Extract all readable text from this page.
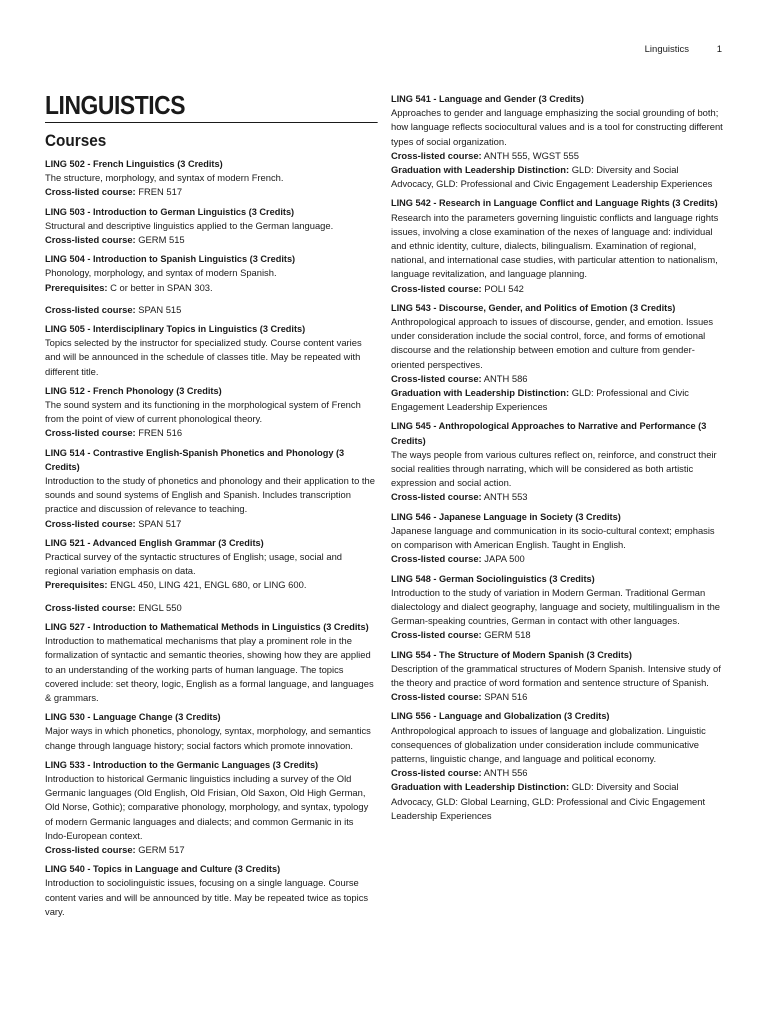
Linguistics	1
LINGUISTICS
Courses
LING 502 - French Linguistics (3 Credits)
The structure, morphology, and syntax of modern French.
Cross-listed course: FREN 517
LING 503 - Introduction to German Linguistics (3 Credits)
Structural and descriptive linguistics applied to the German language.
Cross-listed course: GERM 515
LING 504 - Introduction to Spanish Linguistics (3 Credits)
Phonology, morphology, and syntax of modern Spanish.
Prerequisites: C or better in SPAN 303.
Cross-listed course: SPAN 515
LING 505 - Interdisciplinary Topics in Linguistics (3 Credits)
Topics selected by the instructor for specialized study. Course content varies and will be announced in the schedule of classes title. May be repeated with different title.
LING 512 - French Phonology (3 Credits)
The sound system and its functioning in the morphological system of French from the point of view of current phonological theory.
Cross-listed course: FREN 516
LING 514 - Contrastive English-Spanish Phonetics and Phonology (3 Credits)
Introduction to the study of phonetics and phonology and their application to the sounds and sound systems of English and Spanish. Includes transcription practice and discussion of relevance to teaching.
Cross-listed course: SPAN 517
LING 521 - Advanced English Grammar (3 Credits)
Practical survey of the syntactic structures of English; usage, social and regional variation emphasis on data.
Prerequisites: ENGL 450, LING 421, ENGL 680, or LING 600.
Cross-listed course: ENGL 550
LING 527 - Introduction to Mathematical Methods in Linguistics (3 Credits)
Introduction to mathematical mechanisms that play a prominent role in the formalization of syntactic and semantic theories, showing how they are applied to an understanding of the working parts of human language. The topics covered include: set theory, logic, English as a formal language, and languages & grammars.
LING 530 - Language Change (3 Credits)
Major ways in which phonetics, phonology, syntax, morphology, and semantics change through language history; social factors which promote innovation.
LING 533 - Introduction to the Germanic Languages (3 Credits)
Introduction to historical Germanic linguistics including a survey of the Old Germanic languages (Old English, Old Frisian, Old Saxon, Old High German, Old Norse, Gothic); comparative phonology, morphology, and syntax, typology of modern Germanic languages and dialects; and common Germanic in its Indo-European context.
Cross-listed course: GERM 517
LING 540 - Topics in Language and Culture (3 Credits)
Introduction to sociolinguistic issues, focusing on a single language. Course content varies and will be announced by title. May be repeated twice as topics vary.
LING 541 - Language and Gender (3 Credits)
Approaches to gender and language emphasizing the social grounding of both; how language reflects sociocultural values and is a tool for constructing different types of social organization.
Cross-listed course: ANTH 555, WGST 555
Graduation with Leadership Distinction: GLD: Diversity and Social Advocacy, GLD: Professional and Civic Engagement Leadership Experiences
LING 542 - Research in Language Conflict and Language Rights (3 Credits)
Research into the parameters governing linguistic conflicts and language rights issues, involving a close examination of the nexes of language and: individual and ethnic identity, culture, dialects, bilingualism. Examination of regional, national, and international case studies, with particular attention to nationalism, language revitalization, and language planning.
Cross-listed course: POLI 542
LING 543 - Discourse, Gender, and Politics of Emotion (3 Credits)
Anthropological approach to issues of discourse, gender, and emotion. Issues under consideration include the social control, force, and forms of emotional discourse and the relationship between emotion and culture from gender-oriented perspectives.
Cross-listed course: ANTH 586
Graduation with Leadership Distinction: GLD: Professional and Civic Engagement Leadership Experiences
LING 545 - Anthropological Approaches to Narrative and Performance (3 Credits)
The ways people from various cultures reflect on, reinforce, and construct their social realities through narrating, which will be considered as both artistic expression and social action.
Cross-listed course: ANTH 553
LING 546 - Japanese Language in Society (3 Credits)
Japanese language and communication in its socio-cultural context; emphasis on comparison with American English. Taught in English.
Cross-listed course: JAPA 500
LING 548 - German Sociolinguistics (3 Credits)
Introduction to the study of variation in Modern German. Traditional German dialectology and dialect geography, language and society, multilingualism in the German-speaking countries, German in contact with other languages.
Cross-listed course: GERM 518
LING 554 - The Structure of Modern Spanish (3 Credits)
Description of the grammatical structures of Modern Spanish. Intensive study of the theory and practice of word formation and sentence structure of Spanish.
Cross-listed course: SPAN 516
LING 556 - Language and Globalization (3 Credits)
Anthropological approach to issues of language and globalization. Linguistic consequences of globalization under consideration include communicative patterns, linguistic change, and language and political economy.
Cross-listed course: ANTH 556
Graduation with Leadership Distinction: GLD: Diversity and Social Advocacy, GLD: Global Learning, GLD: Professional and Civic Engagement Leadership Experiences
